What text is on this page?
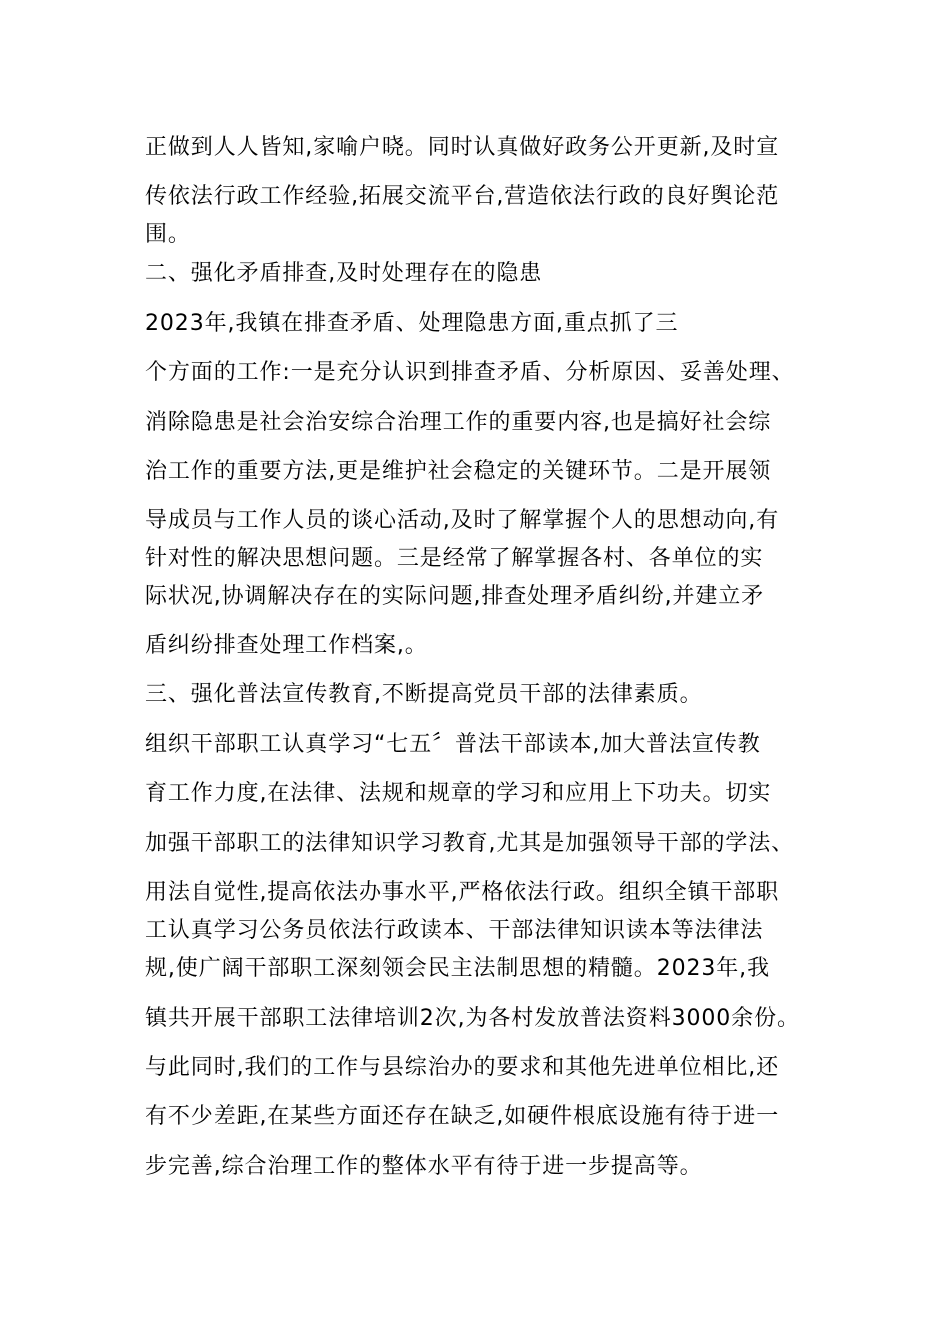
正做到人人皆知,家喻户晓。同时认真做好政务公开更新,及时宣
传依法行政工作经验,拓展交流平台,营造依法行政的良好舆论范
围。
二、强化矛盾排查,及时处理存在的隐患
2023年,我镇在排查矛盾、处理隐患方面,重点抓了三
个方面的工作:一是充分认识到排查矛盾、分析原因、妥善处理、
消除隐患是社会治安综合治理工作的重要内容,也是搞好社会综
治工作的重要方法,更是维护社会稳定的关键环节。二是开展领
导成员与工作人员的谈心活动,及时了解掌握个人的思想动向,有
针对性的解决思想问题。三是经常了解掌握各村、各单位的实
际状况,协调解决存在的实际问题,排查处理矛盾纠纷,并建立矛
盾纠纷排查处理工作档案,。
三、强化普法宣传教育,不断提高党员干部的法律素质。
组织干部职工认真学习“七五〞普法干部读本,加大普法宣传教
育工作力度,在法律、法规和规章的学习和应用上下功夫。切实
加强干部职工的法律知识学习教育,尤其是加强领导干部的学法、
用法自觉性,提高依法办事水平,严格依法行政。组织全镇干部职
工认真学习公务员依法行政读本、干部法律知识读本等法律法
规,使广阔干部职工深刻领会民主法制思想的精髓。2023年,我
镇共开展干部职工法律培训2次,为各村发放普法资料3000余份。
与此同时,我们的工作与县综治办的要求和其他先进单位相比,还
有不少差距,在某些方面还存在缺乏,如硬件根底设施有待于进一
步完善,综合治理工作的整体水平有待于进一步提高等。
